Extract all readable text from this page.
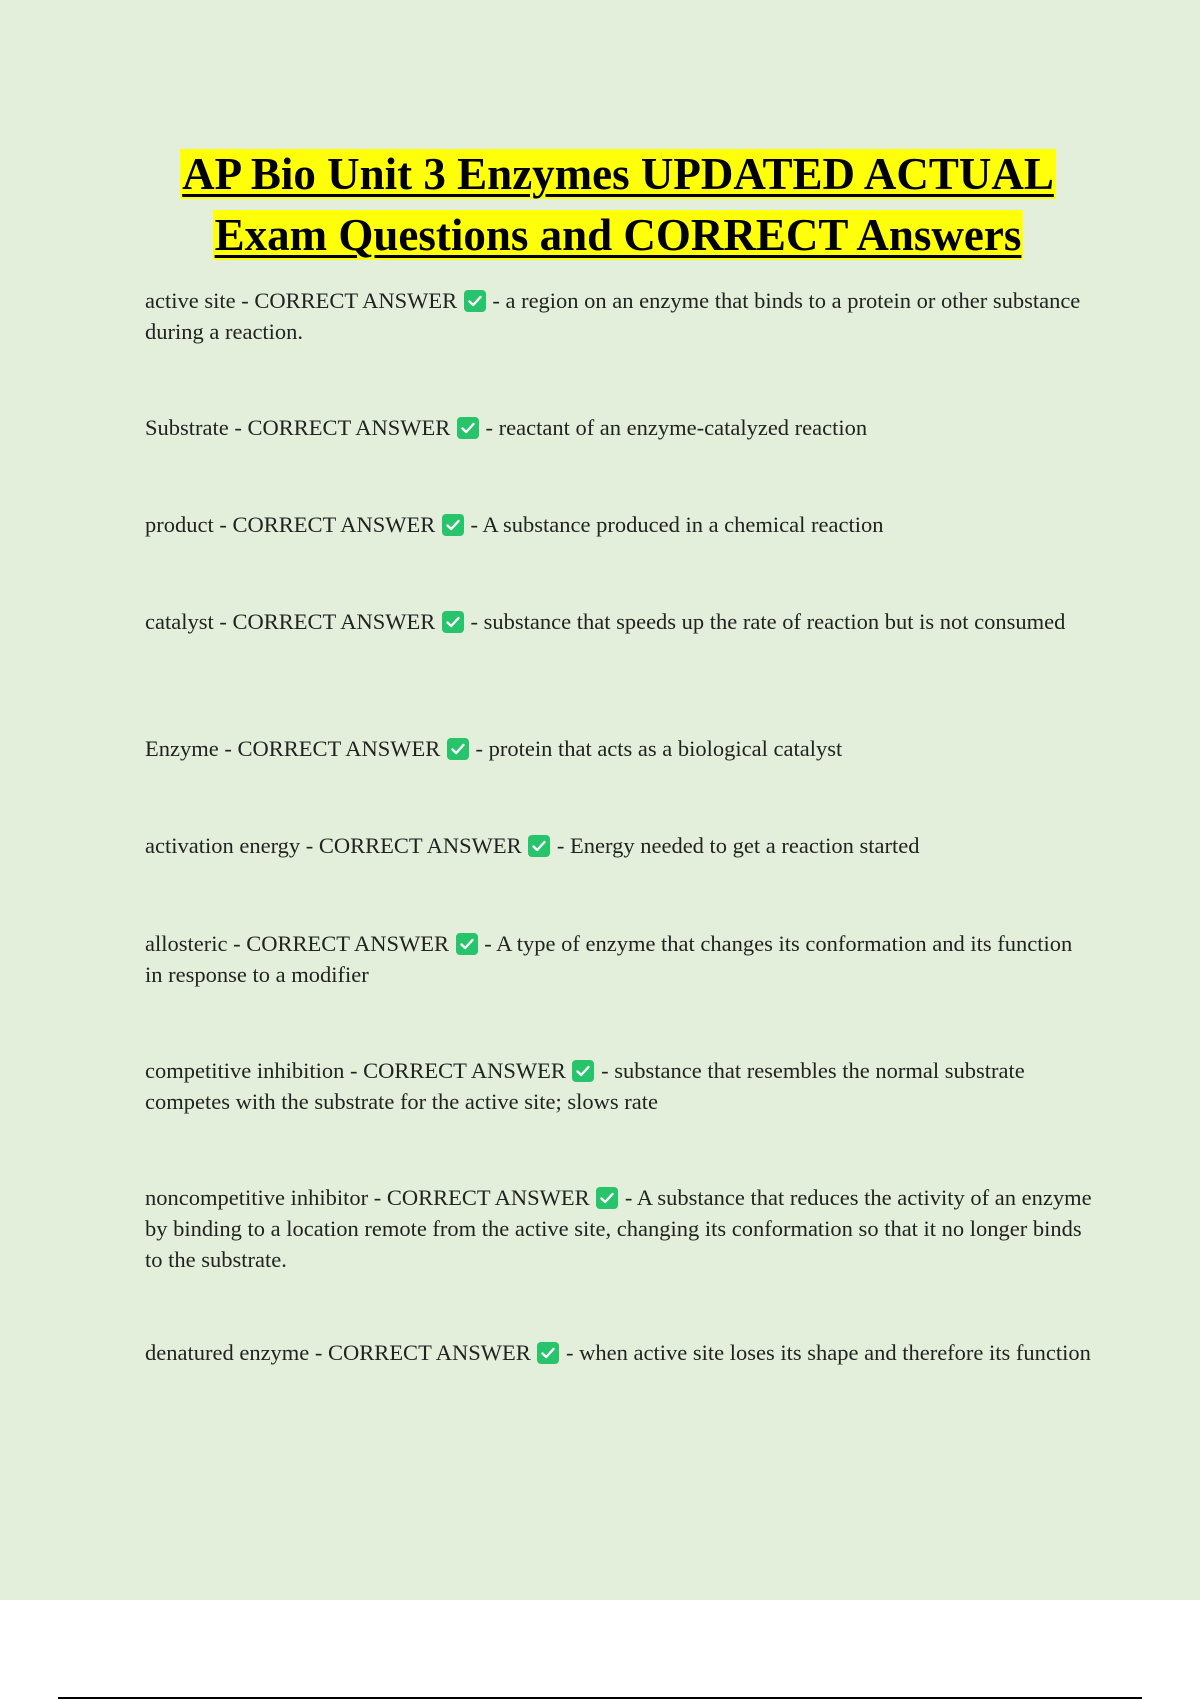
AP Bio Unit 3 Enzymes UPDATED ACTUAL
Exam Questions and CORRECT Answers
active site - CORRECT ANSWER
- a region on an enzyme that binds to a protein or other substance during a reaction.
Substrate - CORRECT ANSWER
- reactant of an enzyme-catalyzed reaction
product - CORRECT ANSWER
- A substance produced in a chemical reaction
catalyst - CORRECT ANSWER
- substance that speeds up the rate of reaction but is not consumed
Enzyme - CORRECT ANSWER
- protein that acts as a biological catalyst
activation energy - CORRECT ANSWER
- Energy needed to get a reaction started
allosteric - CORRECT ANSWER
- A type of enzyme that changes its conformation and its function in response to a modifier
competitive inhibition - CORRECT ANSWER
- substance that resembles the normal substrate competes with the substrate for the active site; slows rate
noncompetitive inhibitor - CORRECT ANSWER
- A substance that reduces the activity of an enzyme by binding to a location remote from the active site, changing its conformation so that it no longer binds to the substrate.
denatured enzyme - CORRECT ANSWER
- when active site loses its shape and therefore its function
